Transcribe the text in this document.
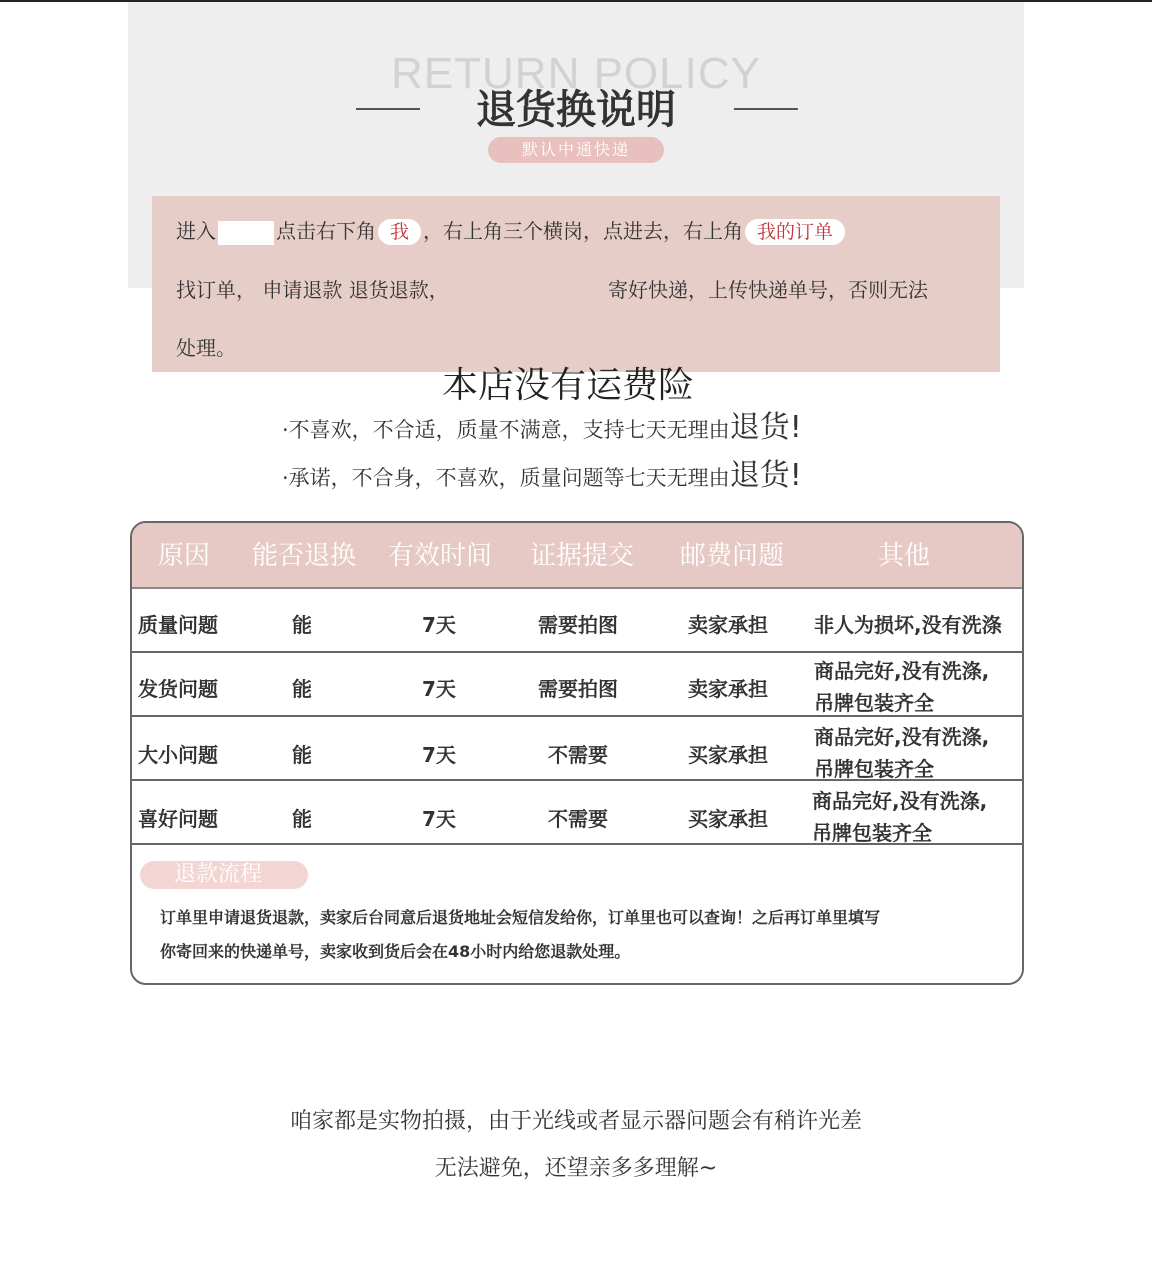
RETURN POLICY
退货换说明
默认中通快递
进入	点击右下角 我 ，右上角三个横岗，点进去，右上角 我的订单
找订单， 申请退款 退货退款，	寄好快递，上传快递单号，否则无法
处理。
本店没有运费险
·不喜欢，不合适，质量不满意，支持七天无理由退货!
·承诺，不合身，不喜欢，质量问题等七天无理由退货!
原因 能否退换 有效时间 证据提交 邮费问题	其他
质量问题	能	7天	需要拍图	卖家承担 非人为损坏,没有洗涤
发货问题	能	7天	需要拍图	卖家承担
商品完好,没有洗涤,
吊牌包装齐全
大小问题	能	7天	不需要	买家承担
商品完好,没有洗涤,
吊牌包装齐全
喜好问题	能	7天	不需要	买家承担
商品完好,没有洗涤,
吊牌包装齐全
退款流程
订单里申请退货退款，卖家后台同意后退货地址会短信发给你，订单里也可以查询！之后再订单里填写
你寄回来的快递单号，卖家收到货后会在48小时内给您退款处理。
咱家都是实物拍摄，由于光线或者显示器问题会有稍许光差
无法避免，还望亲多多理解~
